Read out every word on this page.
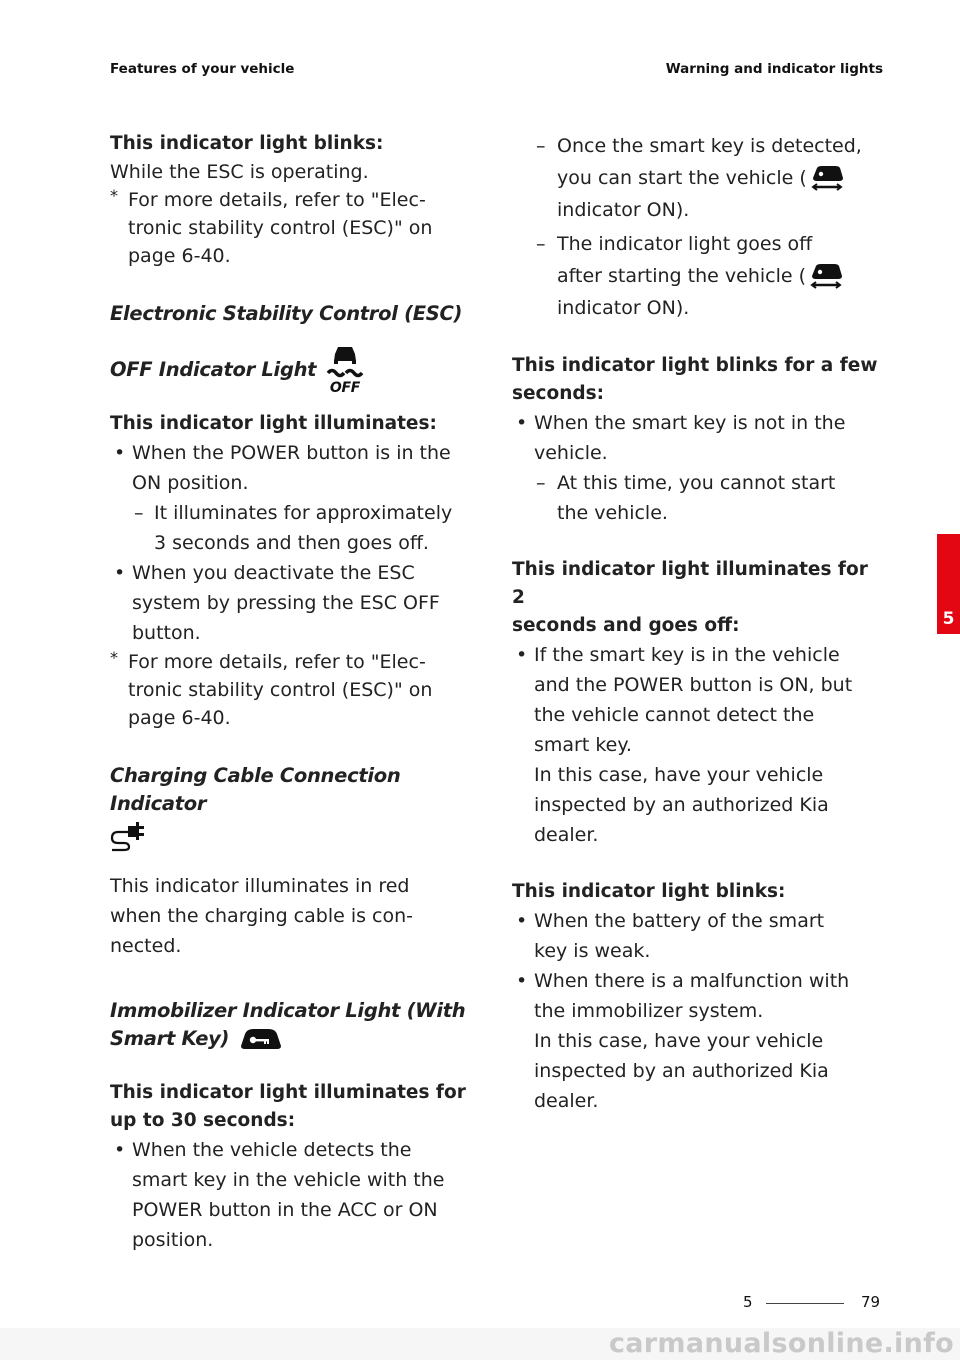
Features of your vehicle	Warning and indicator lights
This indicator light blinks:
While the ESC is operating.
* For more details, refer to "Elec-
tronic stability control (ESC)" on
page 6-40.
Electronic Stability Control (ESC)
OFF Indicator Light
OFF
This indicator light illuminates:
• When the POWER button is in the
ON position.
– It illuminates for approximately
3 seconds and then goes off.
• When you deactivate the ESC
system by pressing the ESC OFF
button.
* For more details, refer to "Elec-
tronic stability control (ESC)" on
page 6-40.
Charging Cable Connection Indicator
This indicator illuminates in red
when the charging cable is con-
nected.
Immobilizer Indicator Light (With
Smart Key)
This indicator light illuminates for
up to 30 seconds:
• When the vehicle detects the
smart key in the vehicle with the
POWER button in the ACC or ON
position.
– Once the smart key is detected,
you can start the vehicle (
indicator ON).
– The indicator light goes off
after starting the vehicle (
indicator ON).
This indicator light blinks for a few
seconds:
• When the smart key is not in the
vehicle.
– At this time, you cannot start
the vehicle.
This indicator light illuminates for 2
seconds and goes off:
• If the smart key is in the vehicle
and the POWER button is ON, but
the vehicle cannot detect the
smart key.
In this case, have your vehicle
inspected by an authorized Kia
dealer.
This indicator light blinks:
• When the battery of the smart
key is weak.
• When there is a malfunction with
the immobilizer system.
In this case, have your vehicle
inspected by an authorized Kia
dealer.
5
5	79
carmanualsonline.info
